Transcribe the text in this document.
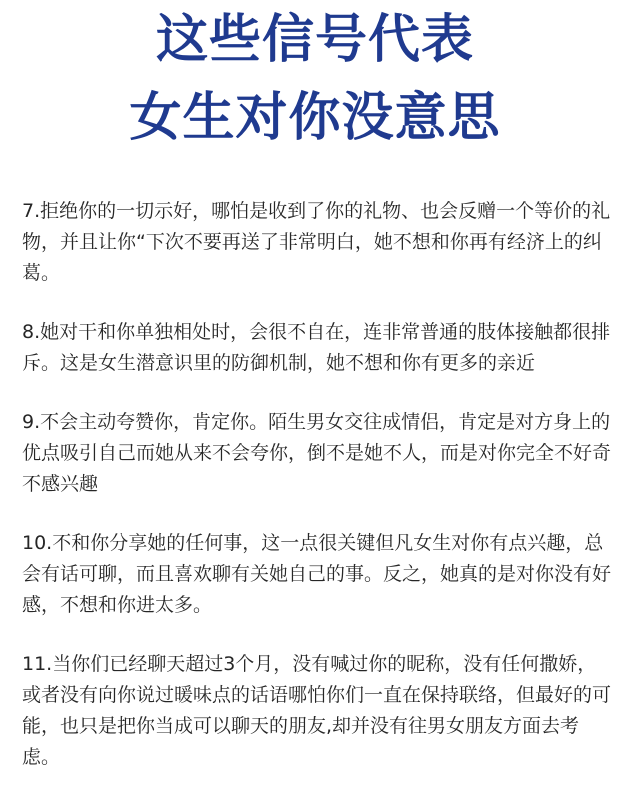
这些信号代表
女生对你没意思

7.拒绝你的一切示好，哪怕是收到了你的礼物、也会反赠一个等价的礼物，并且让你“下次不要再送了非常明白，她不想和你再有经济上的纠葛。

8.她对干和你单独相处时，会很不自在，连非常普通的肢体接触都很排斥。这是女生潜意识里的防御机制，她不想和你有更多的亲近

9.不会主动夸赞你，肯定你。陌生男女交往成情侣，肯定是对方身上的优点吸引自己而她从来不会夸你，倒不是她不人，而是对你完全不好奇不感兴趣

10.不和你分享她的任何事，这一点很关键但凡女生对你有点兴趣，总会有话可聊，而且喜欢聊有关她自己的事。反之，她真的是对你没有好感，不想和你进太多。

11.当你们已经聊天超过3个月，没有喊过你的昵称，没有任何撒娇，或者没有向你说过暖味点的话语哪怕你们一直在保持联络，但最好的可能，也只是把你当成可以聊天的朋友,却并没有往男女朋友方面去考虑。
